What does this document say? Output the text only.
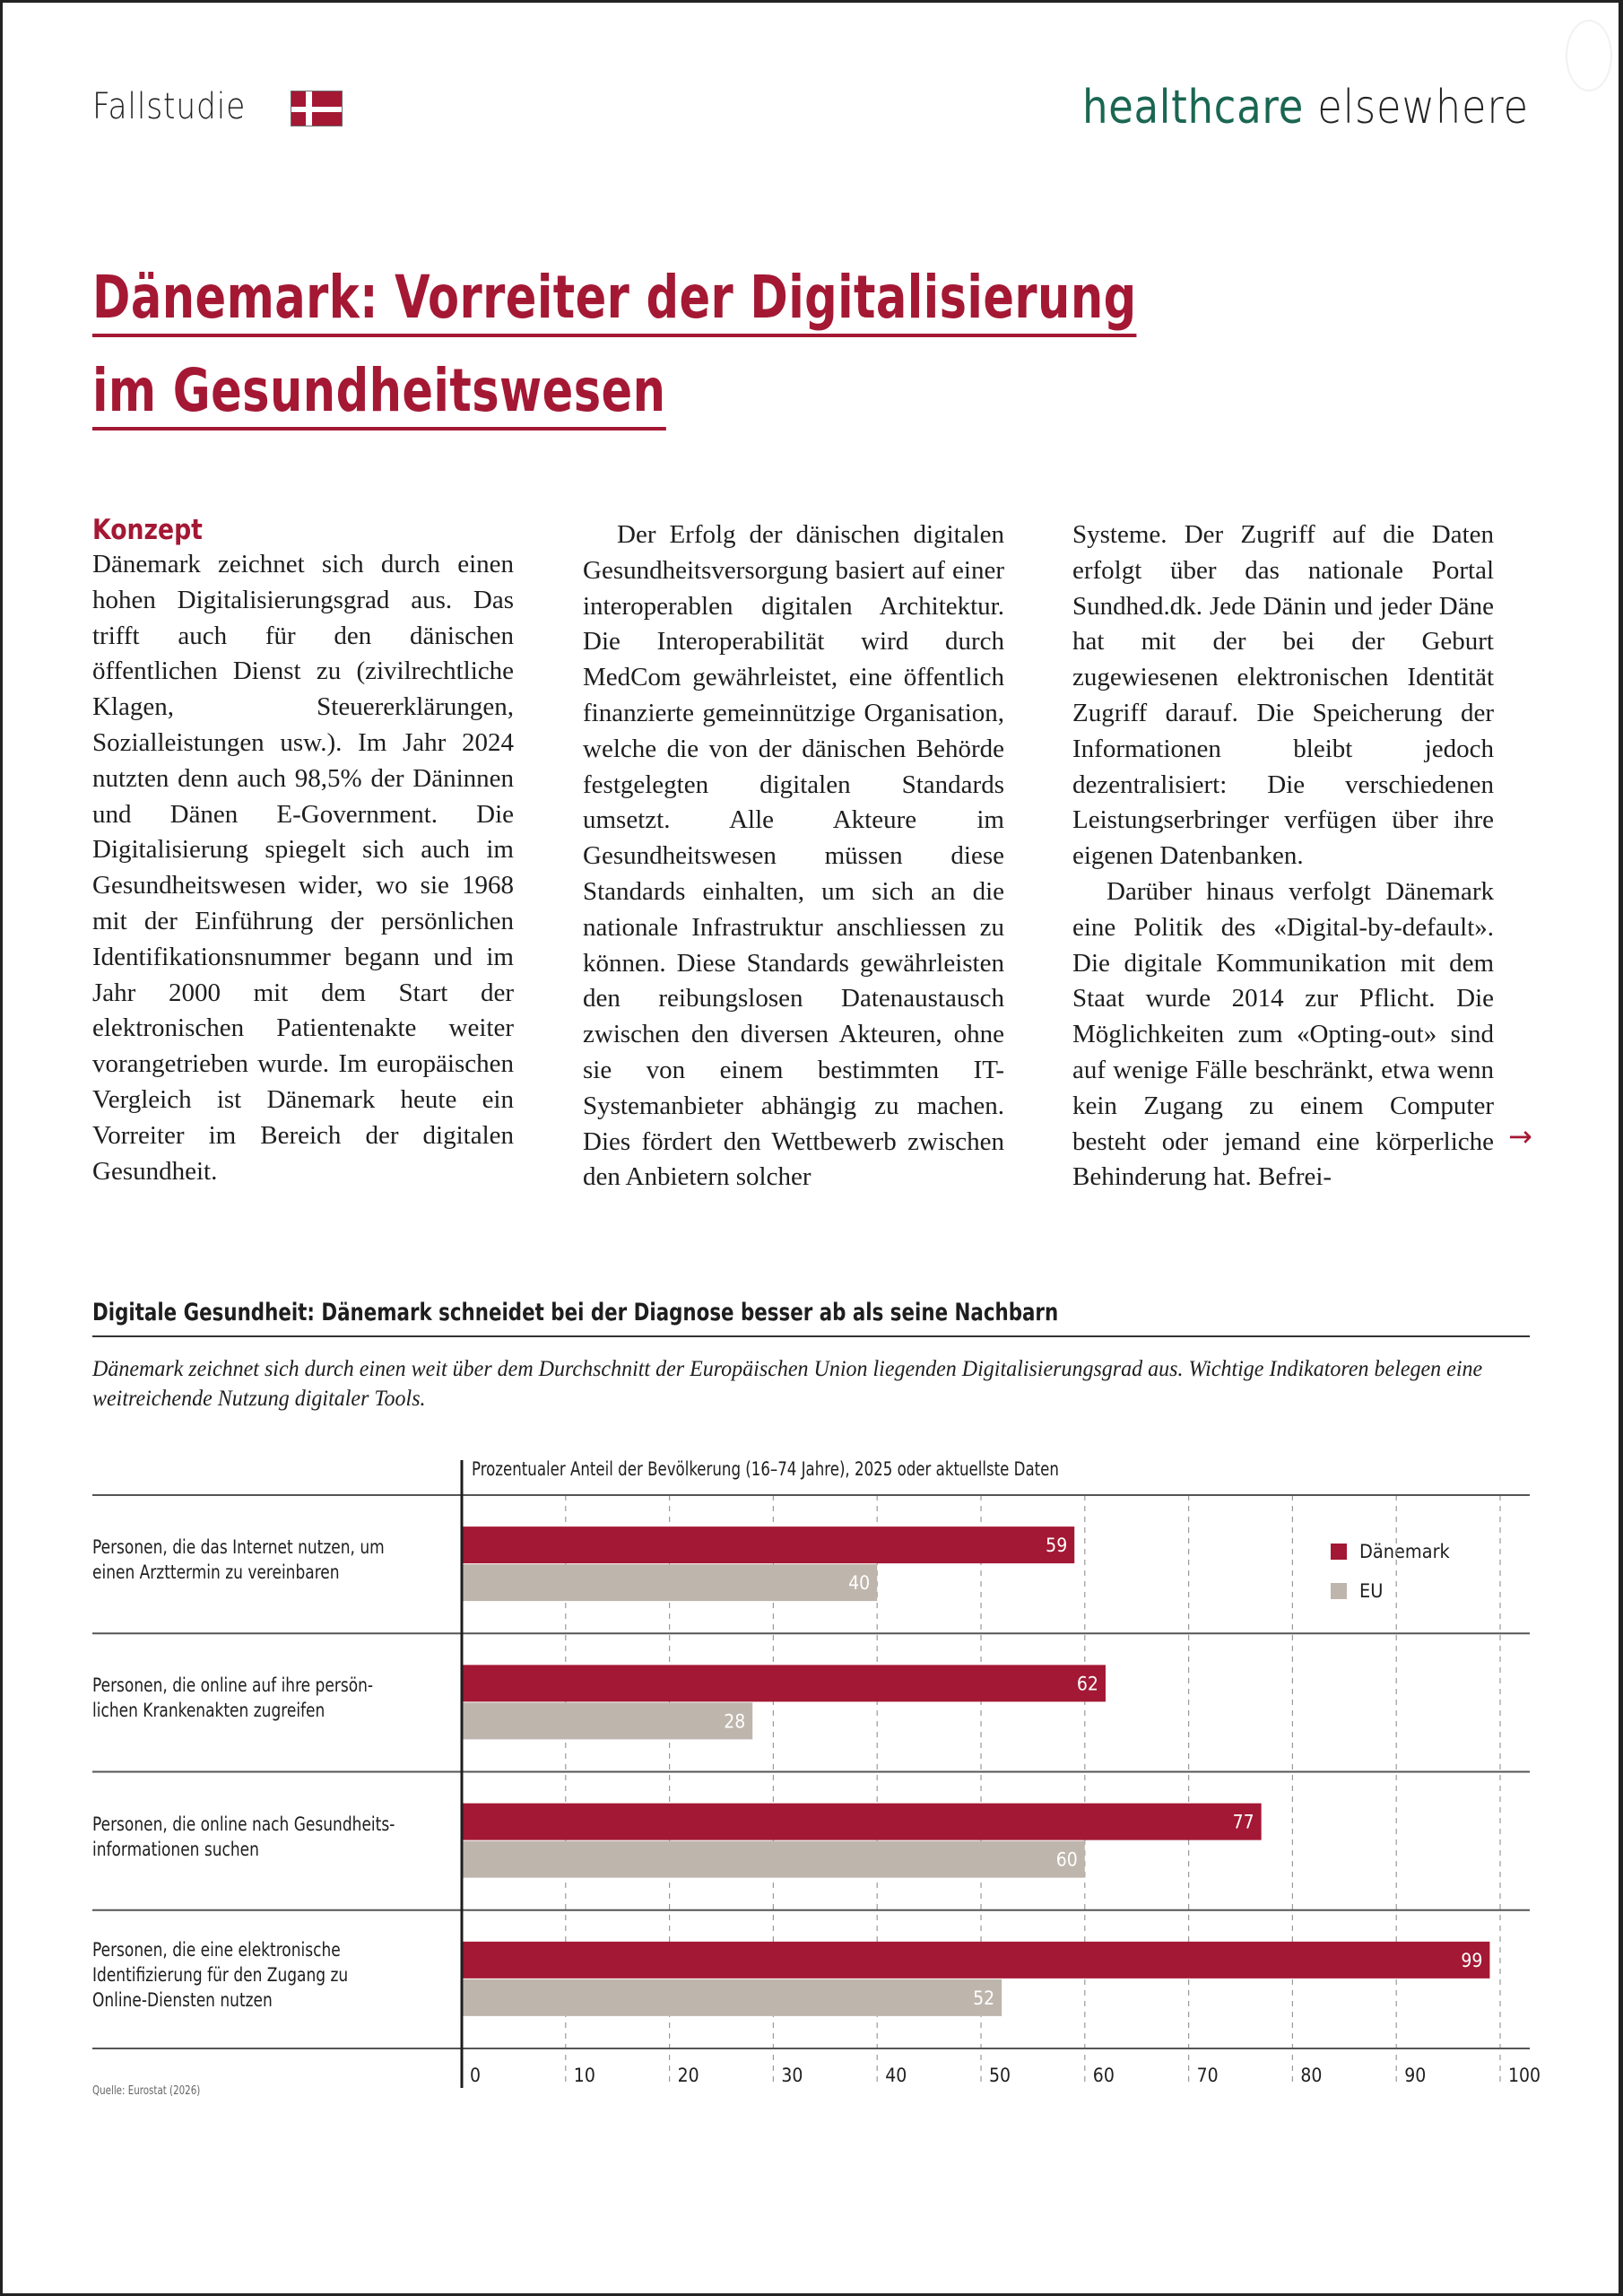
Fallstudie	healthcare elsewhere
Dänemark: Vorreiter der Digitalisierung
im Gesundheitswesen
Konzept

Dänemark zeichnet sich durch einen hohen Digitalisierungsgrad aus. Das trifft auch für den dänischen öffentlichen Dienst zu (zivilrechtliche Klagen, Steuererklärungen, Sozialleistungen usw.). Im Jahr 2024 nutzten denn auch 98,5% der Däninnen und Dänen E-Government. Die Digitalisierung spiegelt sich auch im Gesundheitswesen wider, wo sie 1968 mit der Einführung der persönlichen Identifikationsnummer begann und im Jahr 2000 mit dem Start der elektronischen Patientenakte weiter vorangetrieben wurde. Im europäischen Vergleich ist Dänemark heute ein Vorreiter im Bereich der digitalen Gesundheit.

Der Erfolg der dänischen digitalen Gesundheitsversorgung basiert auf einer interoperablen digitalen Architektur. Die Interoperabilität wird durch MedCom gewährleistet, eine öffentlich finanzierte gemeinnützige Organisation, welche die von der dänischen Behörde festgelegten digitalen Standards umsetzt. Alle Akteure im Gesundheitswesen müssen diese Standards einhalten, um sich an die nationale Infrastruktur anschliessen zu können. Diese Standards gewährleisten den reibungslosen Datenaustausch zwischen den diversen Akteuren, ohne sie von einem bestimmten IT-Systemanbieter abhängig zu machen. Dies fördert den Wettbewerb zwischen den Anbietern solcher

Systeme. Der Zugriff auf die Daten erfolgt über das nationale Portal Sundhed.dk. Jede Dänin und jeder Däne hat mit der bei der Geburt zugewiesenen elektronischen Identität Zugriff darauf. Die Speicherung der Informationen bleibt jedoch dezentralisiert: Die verschiedenen Leistungserbringer verfügen über ihre eigenen Datenbanken.

Darüber hinaus verfolgt Dänemark eine Politik des «Digital-by-default». Die digitale Kommunikation mit dem Staat wurde 2014 zur Pflicht. Die Möglichkeiten zum «Opting-out» sind auf wenige Fälle beschränkt, etwa wenn kein Zugang zu einem Computer besteht oder jemand eine körperliche Behinderung hat. Befrei-

→
Digitale Gesundheit: Dänemark schneidet bei der Diagnose besser ab als seine Nachbarn
Dänemark zeichnet sich durch einen weit über dem Durchschnitt der Europäischen Union liegenden Digitalisierungsgrad aus. Wichtige Indikatoren belegen eine weitreichende Nutzung digitaler Tools.
Prozentualer Anteil der Bevölkerung (16–74 Jahre), 2025 oder aktuellste Daten
Personen, die das Internet nutzen, um
einen Arzttermin zu vereinbaren
Personen, die online auf ihre persön-
lichen Krankenakten zugreifen
Personen, die online nach Gesundheits-
informationen suchen
Personen, die eine elektronische
Identifizierung für den Zugang zu
Online-Diensten nutzen
Dänemark
EU
Quelle: Eurostat (2026)
59
40
62
28
77
60
99
52
0	10	20	30	40	50	60	70	80	90	100
